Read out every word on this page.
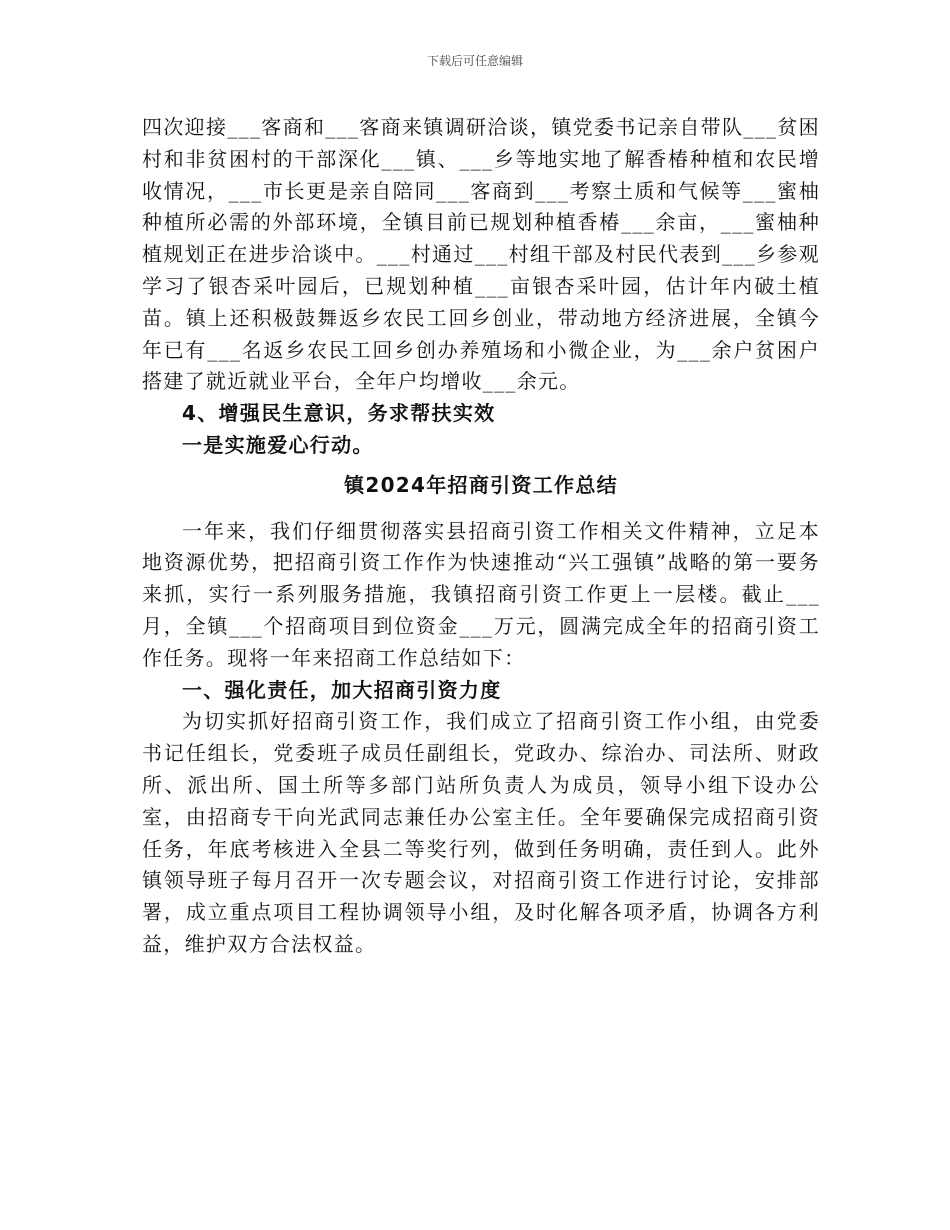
下载后可任意编辑

四次迎接___客商和___客商来镇调研洽谈，镇党委书记亲自带队___贫困村和非贫困村的干部深化___镇、___乡等地实地了解香椿种植和农民增收情况，___市长更是亲自陪同___客商到___考察土质和气候等___蜜柚种植所必需的外部环境，全镇目前已规划种植香椿___余亩，___蜜柚种植规划正在进步洽谈中。___村通过___村组干部及村民代表到___乡参观学习了银杏采叶园后，已规划种植___亩银杏采叶园，估计年内破土植苗。镇上还积极鼓舞返乡农民工回乡创业，带动地方经济进展，全镇今年已有___名返乡农民工回乡创办养殖场和小微企业，为___余户贫困户搭建了就近就业平台，全年户均增收___余元。

4、增强民生意识，务求帮扶实效

一是实施爱心行动。

镇2024年招商引资工作总结

一年来，我们仔细贯彻落实县招商引资工作相关文件精神，立足本地资源优势，把招商引资工作作为快速推动“兴工强镇”战略的第一要务来抓，实行一系列服务措施，我镇招商引资工作更上一层楼。截止___月，全镇___个招商项目到位资金___万元，圆满完成全年的招商引资工作任务。现将一年来招商工作总结如下：

一、强化责任，加大招商引资力度

为切实抓好招商引资工作，我们成立了招商引资工作小组，由党委书记任组长，党委班子成员任副组长，党政办、综治办、司法所、财政所、派出所、国土所等多部门站所负责人为成员，领导小组下设办公室，由招商专干向光武同志兼任办公室主任。全年要确保完成招商引资任务，年底考核进入全县二等奖行列，做到任务明确，责任到人。此外镇领导班子每月召开一次专题会议，对招商引资工作进行讨论，安排部署，成立重点项目工程协调领导小组，及时化解各项矛盾，协调各方利益，维护双方合法权益。
